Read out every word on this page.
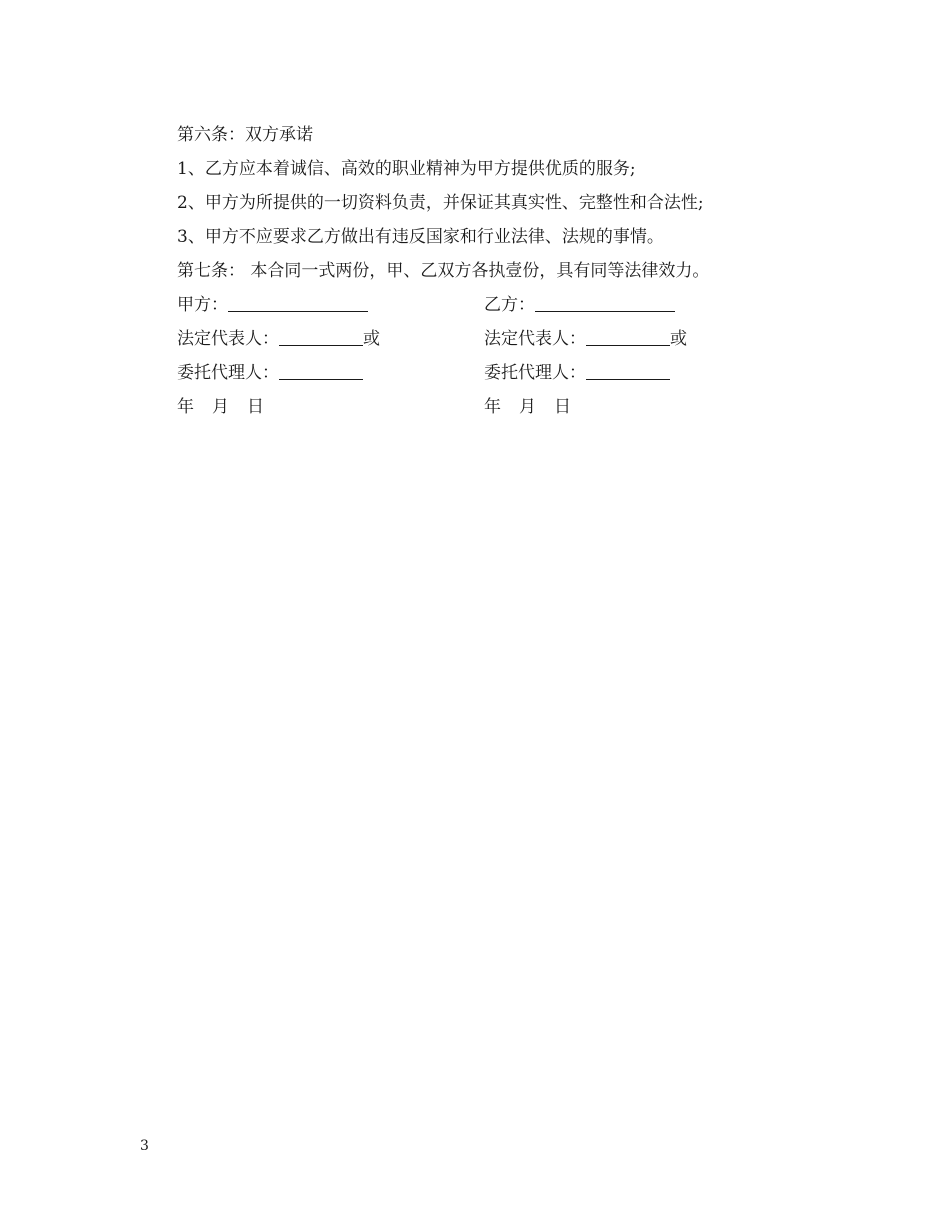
第六条：双方承诺
1、乙方应本着诚信、高效的职业精神为甲方提供优质的服务;
2、甲方为所提供的一切资料负责，并保证其真实性、完整性和合法性;
3、甲方不应要求乙方做出有违反国家和行业法律、法规的事情。
第七条： 本合同一式两份，甲、乙双方各执壹份，具有同等法律效力。
甲方：	乙方：
法定代表人：	或	法定代表人：	或
委托代理人：	委托代理人：
年 月 日	年 月 日
3
